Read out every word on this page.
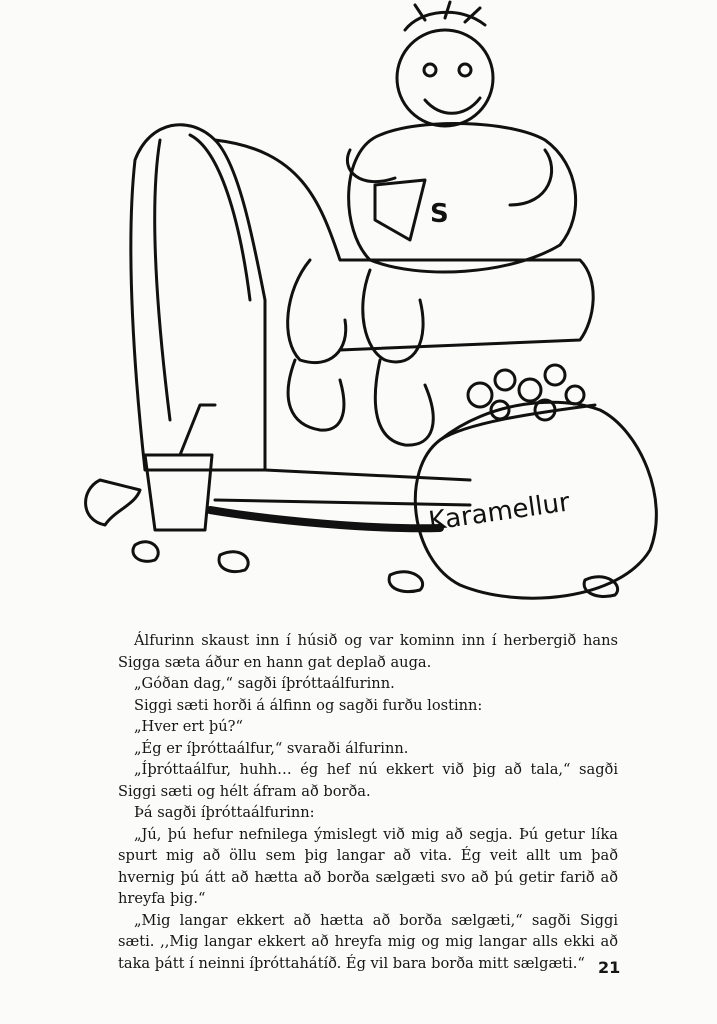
S
Karamellur

Álfurinn skaust inn í húsið og var kominn inn í herbergið hans Sigga sæta áður en hann gat deplað auga.

„Góðan dag,“ sagði íþróttaálfurinn.

Siggi sæti horði á álfinn og sagði furðu lostinn:

„Hver ert þú?“

„Ég er íþróttaálfur,“ svaraði álfurinn.

„Íþróttaálfur, huhh… ég hef nú ekkert við þig að tala,“ sagði Siggi sæti og hélt áfram að borða.

Þá sagði íþróttaálfurinn:

„Jú, þú hefur nefnilega ýmislegt við mig að segja. Þú getur líka spurt mig að öllu sem þig langar að vita. Ég veit allt um það hvernig þú átt að hætta að borða sælgæti svo að þú getir farið að hreyfa þig.“

„Mig langar ekkert að hætta að borða sælgæti,“ sagði Siggi sæti. ,,Mig langar ekkert að hreyfa mig og mig langar alls ekki að taka þátt í neinni íþróttahátíð. Ég vil bara borða mitt sælgæti.“ 21
